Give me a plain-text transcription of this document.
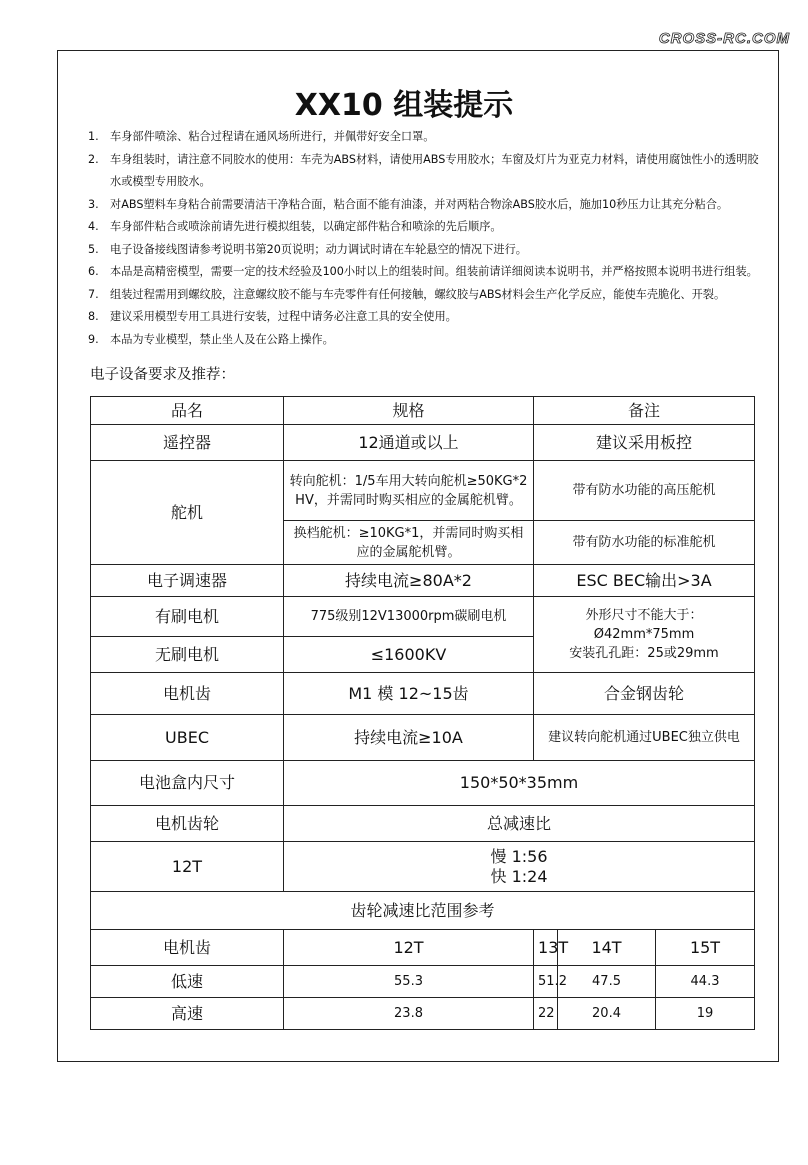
CROSS-RC.COM
XX10 组装提示
1. 车身部件喷涂、粘合过程请在通风场所进行，并佩带好安全口罩。
2. 车身组装时，请注意不同胶水的使用：车壳为ABS材料，请使用ABS专用胶水；车窗及灯片为亚克力材料，请使用腐蚀性小的透明胶水或模型专用胶水。
3. 对ABS塑料车身粘合前需要清洁干净粘合面，粘合面不能有油漆，并对两粘合物涂ABS胶水后，施加10秒压力让其充分粘合。
4. 车身部件粘合或喷涂前请先进行模拟组装，以确定部件粘合和喷涂的先后顺序。
5. 电子设备接线图请参考说明书第20页说明；动力调试时请在车轮悬空的情况下进行。
6. 本品是高精密模型，需要一定的技术经验及100小时以上的组装时间。组装前请详细阅读本说明书，并严格按照本说明书进行组装。
7. 组装过程需用到螺纹胶，注意螺纹胶不能与车壳零件有任何接触，螺纹胶与ABS材料会生产化学反应，能使车壳脆化、开裂。
8. 建议采用模型专用工具进行安装，过程中请务必注意工具的安全使用。
9. 本品为专业模型，禁止坐人及在公路上操作。
电子设备要求及推荐：
品名	规格	备注		
遥控器	12通道或以上	建议采用板控		
舵机	转向舵机：1/5车用大转向舵机≥50KG*2 HV，并需同时购买相应的金属舵机臂。	带有防水功能的高压舵机		
	换档舵机：≥10KG*1，并需同时购买相应的金属舵机臂。	带有防水功能的标准舵机		
电子调速器	持续电流≥80A*2	ESC BEC输出>3A		
有刷电机	775级别12V13000rpm碳刷电机	外形尺寸不能大于：Ø42mm*75mm
安装孔孔距：25或29mm		

无刷电机	≤1600KV			
电机齿	M1 模 12~15齿	合金钢齿轮		
UBEC	持续电流≥10A	建议转向舵机通过UBEC独立供电		
电池盒内尺寸	150*50*35mm			
电机齿轮	总减速比			
12T	慢 1:56
快 1:24			

齿轮减速比范围参考				
电机齿	12T	13T	14T	15T
低速	55.3	51.2	47.5	44.3
高速	23.8	22	20.4	19
